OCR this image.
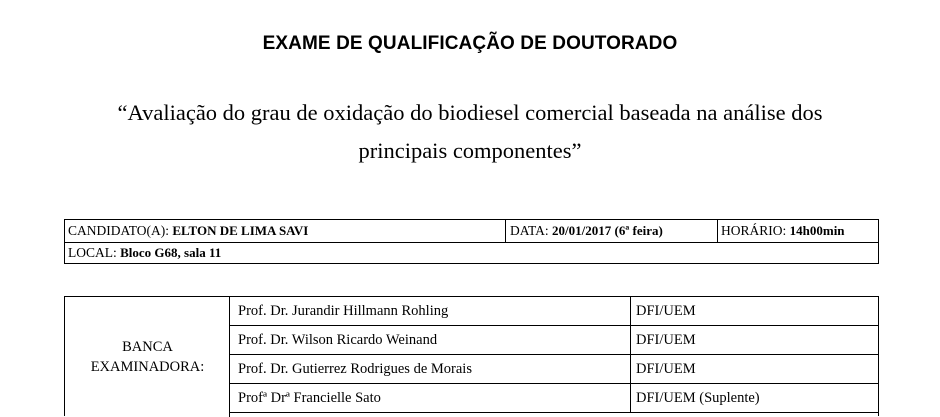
EXAME DE QUALIFICAÇÃO DE DOUTORADO
“Avaliação do grau de oxidação do biodiesel comercial baseada na análise dos
principais componentes”
CANDIDATO(A): ELTON DE LIMA SAVI	DATA: 20/01/2017 (6ª feira)	HORÁRIO: 14h00min
LOCAL: Bloco G68, sala 11
BANCA
EXAMINADORA:
Prof. Dr. Jurandir Hillmann Rohling	DFI/UEM
Prof. Dr. Wilson Ricardo Weinand	DFI/UEM
Prof. Dr. Gutierrez Rodrigues de Morais	DFI/UEM
Profª Drª Francielle Sato	DFI/UEM (Suplente)
